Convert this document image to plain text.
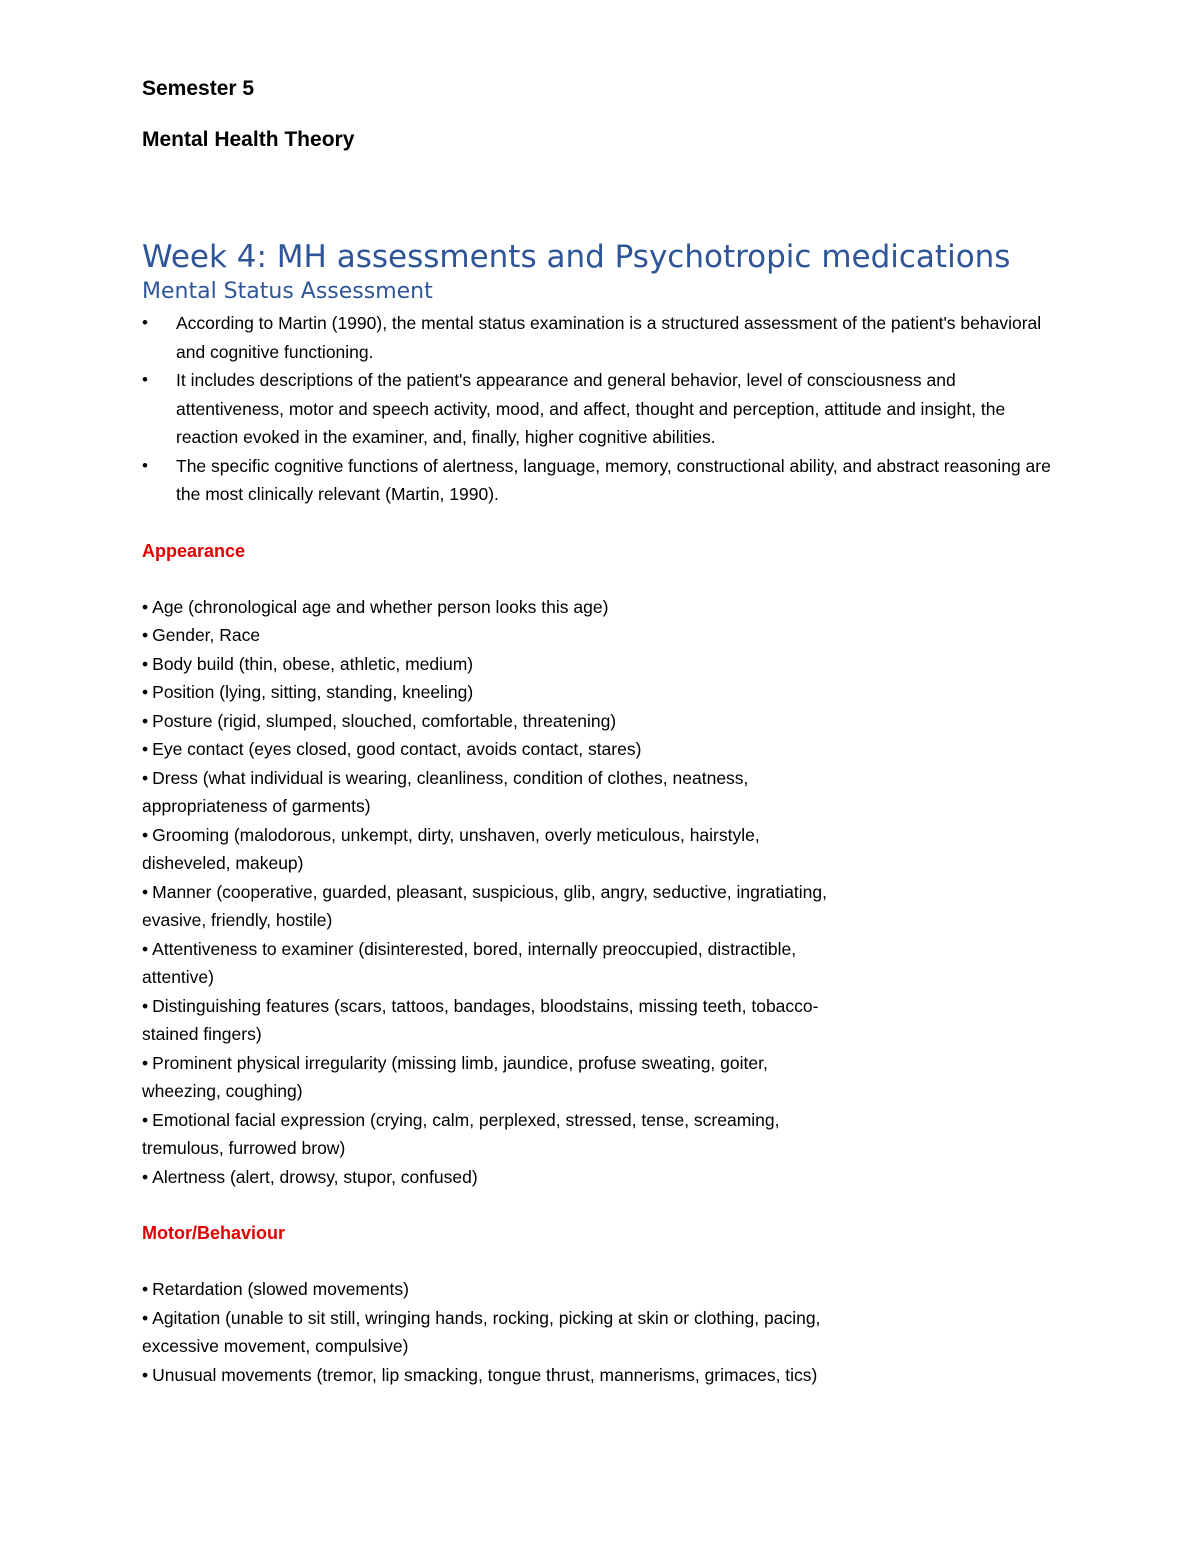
Semester 5

Mental Health Theory

Week 4: MH assessments and Psychotropic medications
Mental Status Assessment
• According to Martin (1990), the mental status examination is a structured assessment of the patient's behavioral and cognitive functioning.
• It includes descriptions of the patient's appearance and general behavior, level of consciousness and attentiveness, motor and speech activity, mood, and affect, thought and perception, attitude and insight, the reaction evoked in the examiner, and, finally, higher cognitive abilities.
• The specific cognitive functions of alertness, language, memory, constructional ability, and abstract reasoning are the most clinically relevant (Martin, 1990).
Appearance
• Age (chronological age and whether person looks this age)
• Gender, Race
• Body build (thin, obese, athletic, medium)
• Position (lying, sitting, standing, kneeling)
• Posture (rigid, slumped, slouched, comfortable, threatening)
• Eye contact (eyes closed, good contact, avoids contact, stares)
• Dress (what individual is wearing, cleanliness, condition of clothes, neatness,
appropriateness of garments)
• Grooming (malodorous, unkempt, dirty, unshaven, overly meticulous, hairstyle,
disheveled, makeup)
• Manner (cooperative, guarded, pleasant, suspicious, glib, angry, seductive, ingratiating,
evasive, friendly, hostile)
• Attentiveness to examiner (disinterested, bored, internally preoccupied, distractible,
attentive)
• Distinguishing features (scars, tattoos, bandages, bloodstains, missing teeth, tobacco-
stained fingers)
• Prominent physical irregularity (missing limb, jaundice, profuse sweating, goiter,
wheezing, coughing)
• Emotional facial expression (crying, calm, perplexed, stressed, tense, screaming,
tremulous, furrowed brow)
• Alertness (alert, drowsy, stupor, confused)
Motor/Behaviour
• Retardation (slowed movements)
• Agitation (unable to sit still, wringing hands, rocking, picking at skin or clothing, pacing,
excessive movement, compulsive)
• Unusual movements (tremor, lip smacking, tongue thrust, mannerisms, grimaces, tics)
